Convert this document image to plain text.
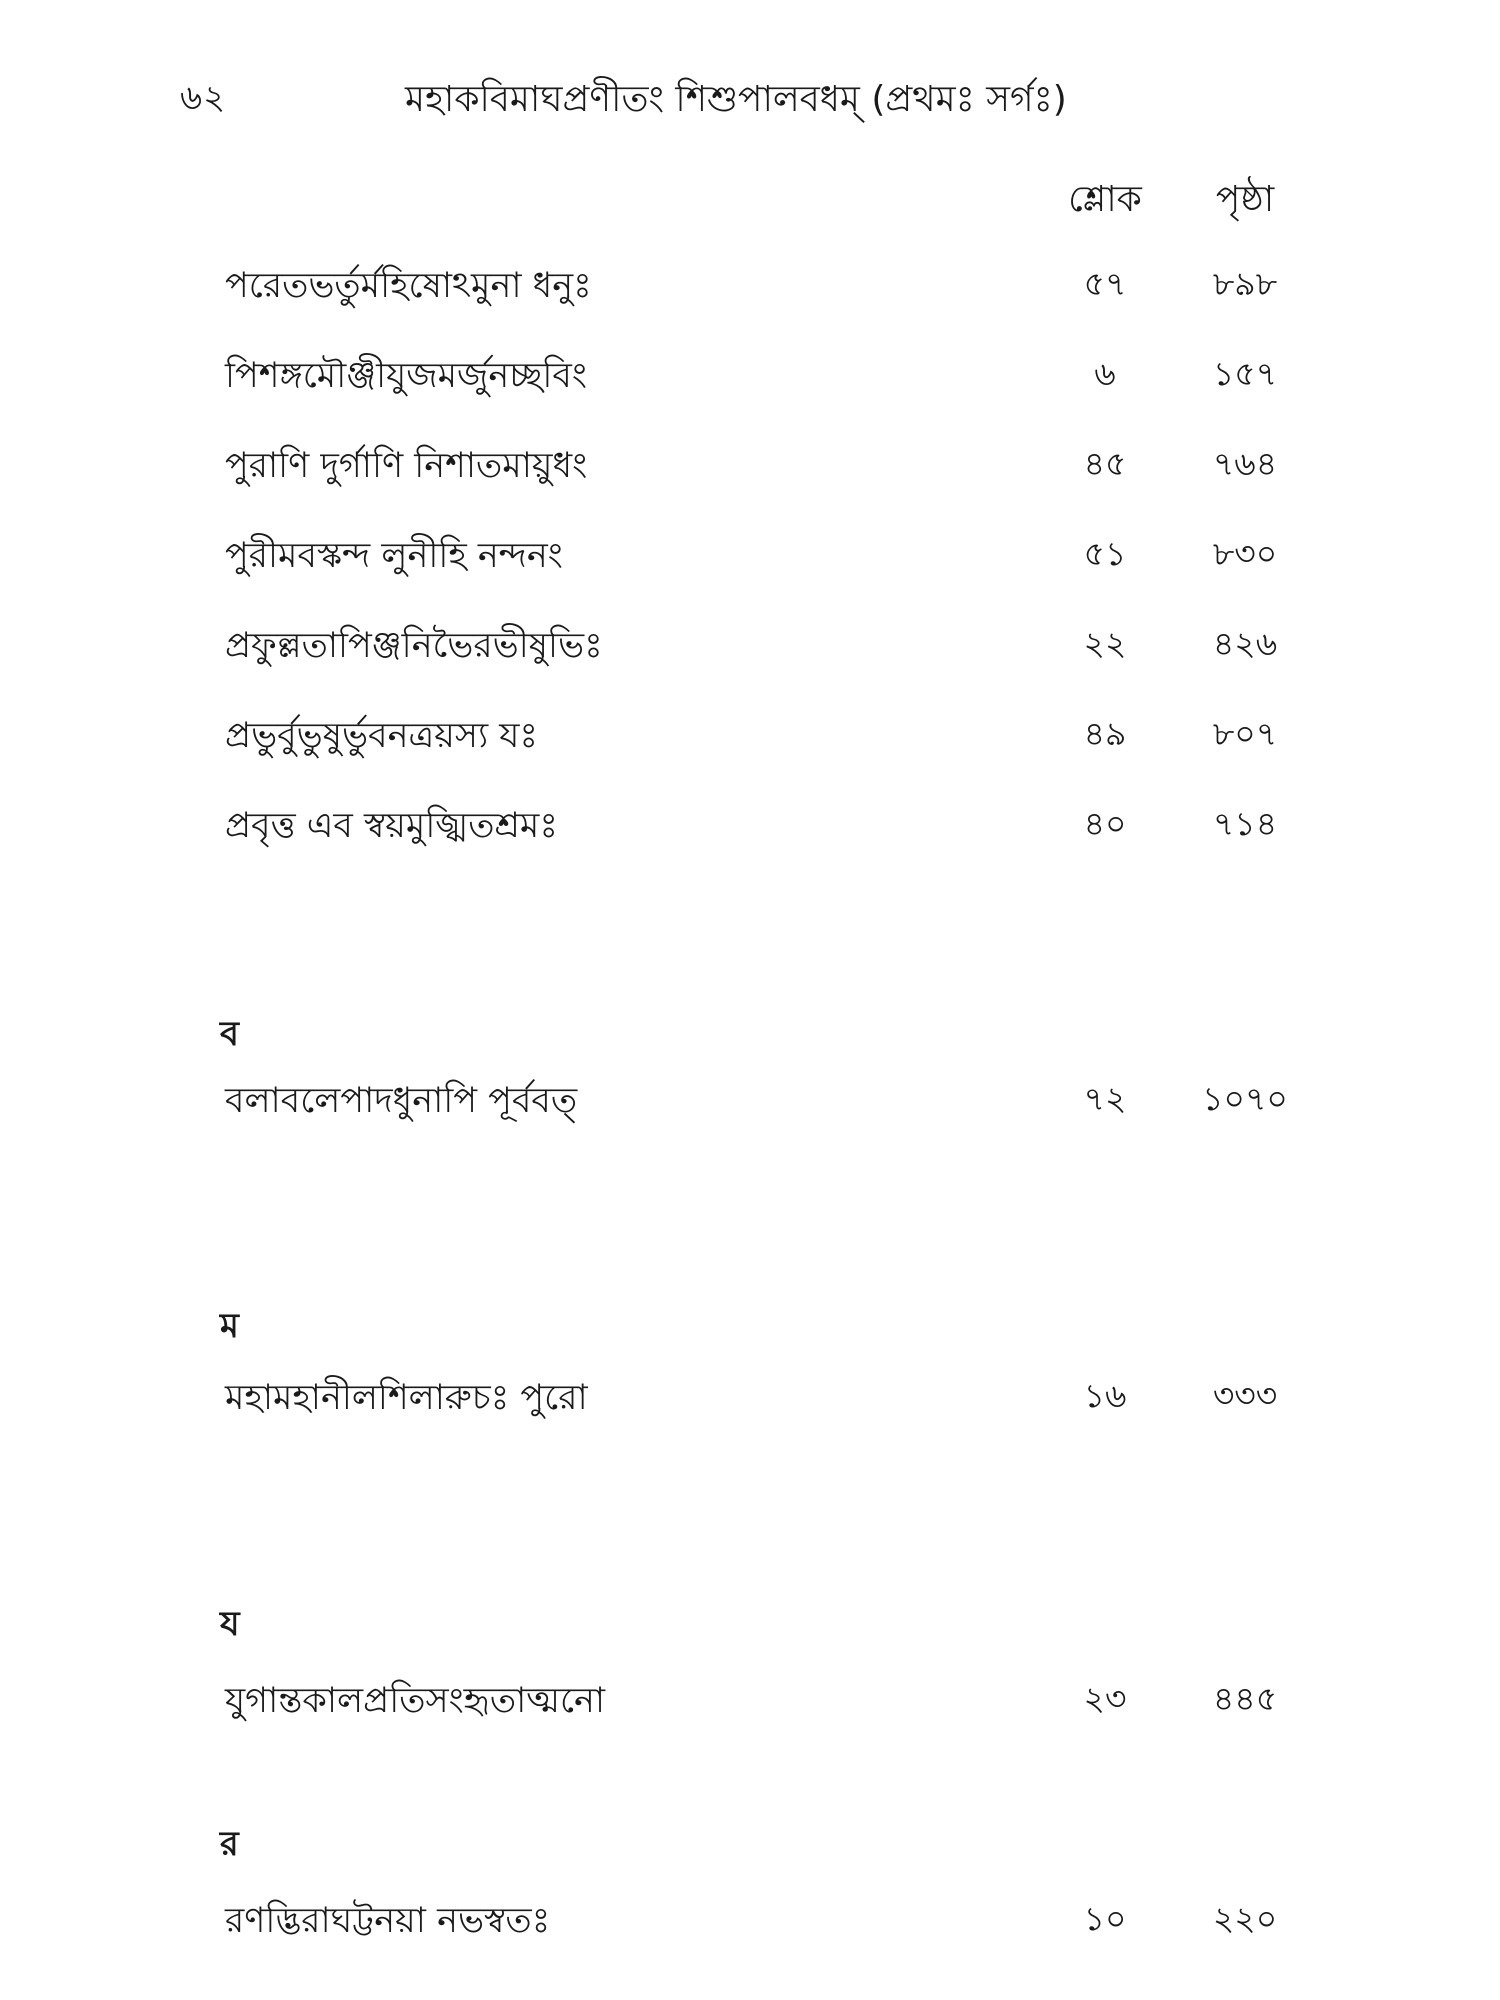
৬২	মহাকবিমাঘপ্রণীতং শিশুপালবধম্ (প্রথমঃ সর্গঃ)
শ্লোক	পৃষ্ঠা
পরেতভর্তুর্মহিষোঽমুনা ধনুঃ	৫৭	৮৯৮
পিশঙ্গমৌঞ্জীযুজমর্জুনচ্ছবিং	৬	১৫৭
পুরাণি দুর্গাণি নিশাতমায়ুধং	৪৫	৭৬৪
পুরীমবস্কন্দ লুনীহি নন্দনং	৫১	৮৩০
প্রফুল্লতাপিঞ্জনিভৈরভীষুভিঃ	২২	৪২৬
প্রভুর্বুভুষুর্ভুবনত্রয়স্য যঃ	৪৯	৮০৭
প্রবৃত্ত এব স্বয়মুজ্ঝিতশ্রমঃ	৪০	৭১৪
ব
বলাবলেপাদধুনাপি পূর্ববত্	৭২	১০৭০
ম
মহামহানীলশিলারুচঃ পুরো	১৬	৩৩৩
য
যুগান্তকালপ্রতিসংহৃতাত্মনো	২৩	৪৪৫
র
রণদ্ভিরাঘট্টনয়া নভস্বতঃ	১০	২২০
